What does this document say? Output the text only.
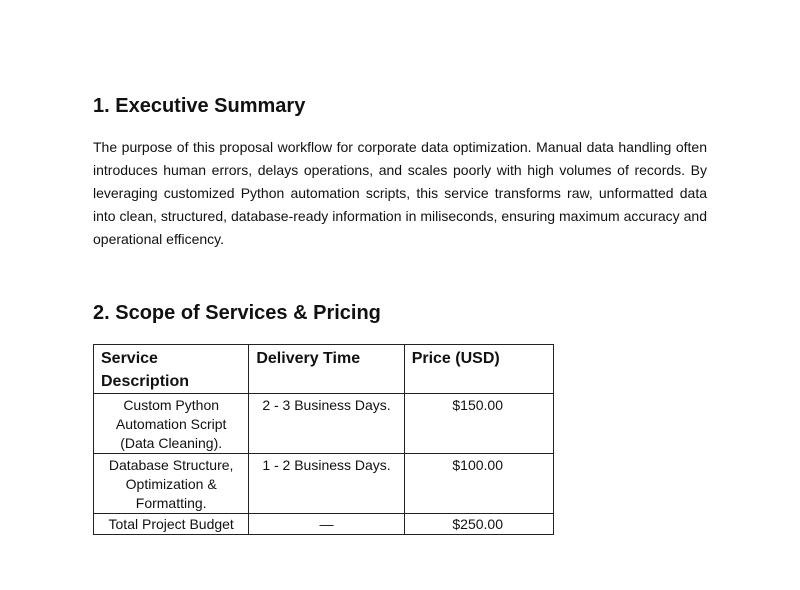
1. Executive Summary

The purpose of this proposal workflow for corporate data optimization. Manual data handling often introduces human errors, delays operations, and scales poorly with high volumes of records. By leveraging customized Python automation scripts, this service transforms raw, unformatted data into clean, structured, database-ready information in miliseconds, ensuring maximum accuracy and operational efficency.

2. Scope of Services & Pricing
Service Description	Delivery Time	Price (USD)
Custom Python Automation Script (Data Cleaning).	2 - 3 Business Days.	$150.00
Database Structure, Optimization & Formatting.	1 - 2 Business Days.	$100.00
Total Project Budget	—	$250.00
